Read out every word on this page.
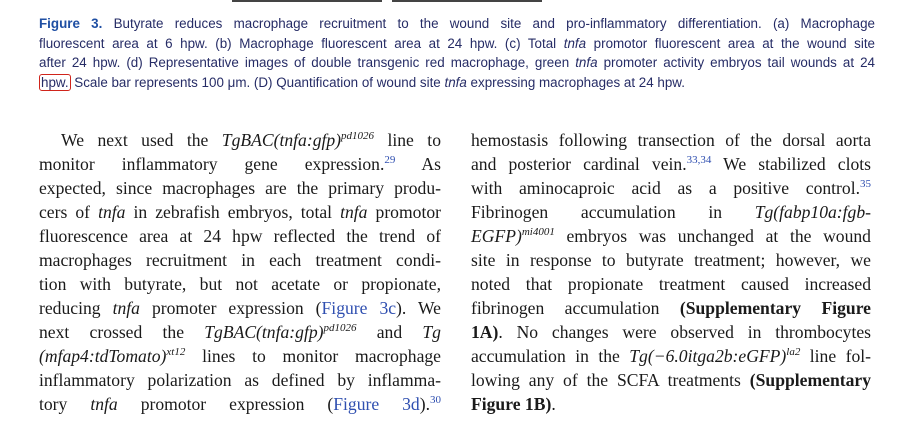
Figure 3. Butyrate reduces macrophage recruitment to the wound site and pro-inflammatory differentiation. (a) Macrophage
fluorescent area at 6 hpw. (b) Macrophage fluorescent area at 24 hpw. (c) Total tnfa promotor fluorescent area at the wound site
after 24 hpw. (d) Representative images of double transgenic red macrophage, green tnfa promoter activity embryos tail wounds at 24
hpw. Scale bar represents 100 μm. (D) Quantification of wound site tnfa expressing macrophages at 24 hpw.

We next used the TgBAC(tnfa:gfp)$^{pd1026}$ line to
monitor inflammatory gene expression.$^{29}$ As
expected, since macrophages are the primary produ-
cers of tnfa in zebrafish embryos, total tnfa promotor
fluorescence area at 24 hpw reflected the trend of
macrophages recruitment in each treatment condi-
tion with butyrate, but not acetate or propionate,
reducing tnfa promoter expression (Figure 3c). We
next crossed the TgBAC(tnfa:gfp)$^{pd1026}$ and Tg
(mfap4:tdTomato)$^{xt12}$ lines to monitor macrophage
inflammatory polarization as defined by inflamma-
tory tnfa promotor expression (Figure 3d).$^{30}$
hemostasis following transection of the dorsal aorta
and posterior cardinal vein.$^{33,34}$ We stabilized clots
with aminocaproic acid as a positive control.$^{35}$
Fibrinogen accumulation in Tg(fabp10a:fgb-
EGFP)$^{mi4001}$ embryos was unchanged at the wound
site in response to butyrate treatment; however, we
noted that propionate treatment caused increased
fibrinogen accumulation (Supplementary Figure
1A). No changes were observed in thrombocytes
accumulation in the Tg(−6.0itga2b:eGFP)$^{la2}$ line fol-
lowing any of the SCFA treatments (Supplementary
Figure 1B).
